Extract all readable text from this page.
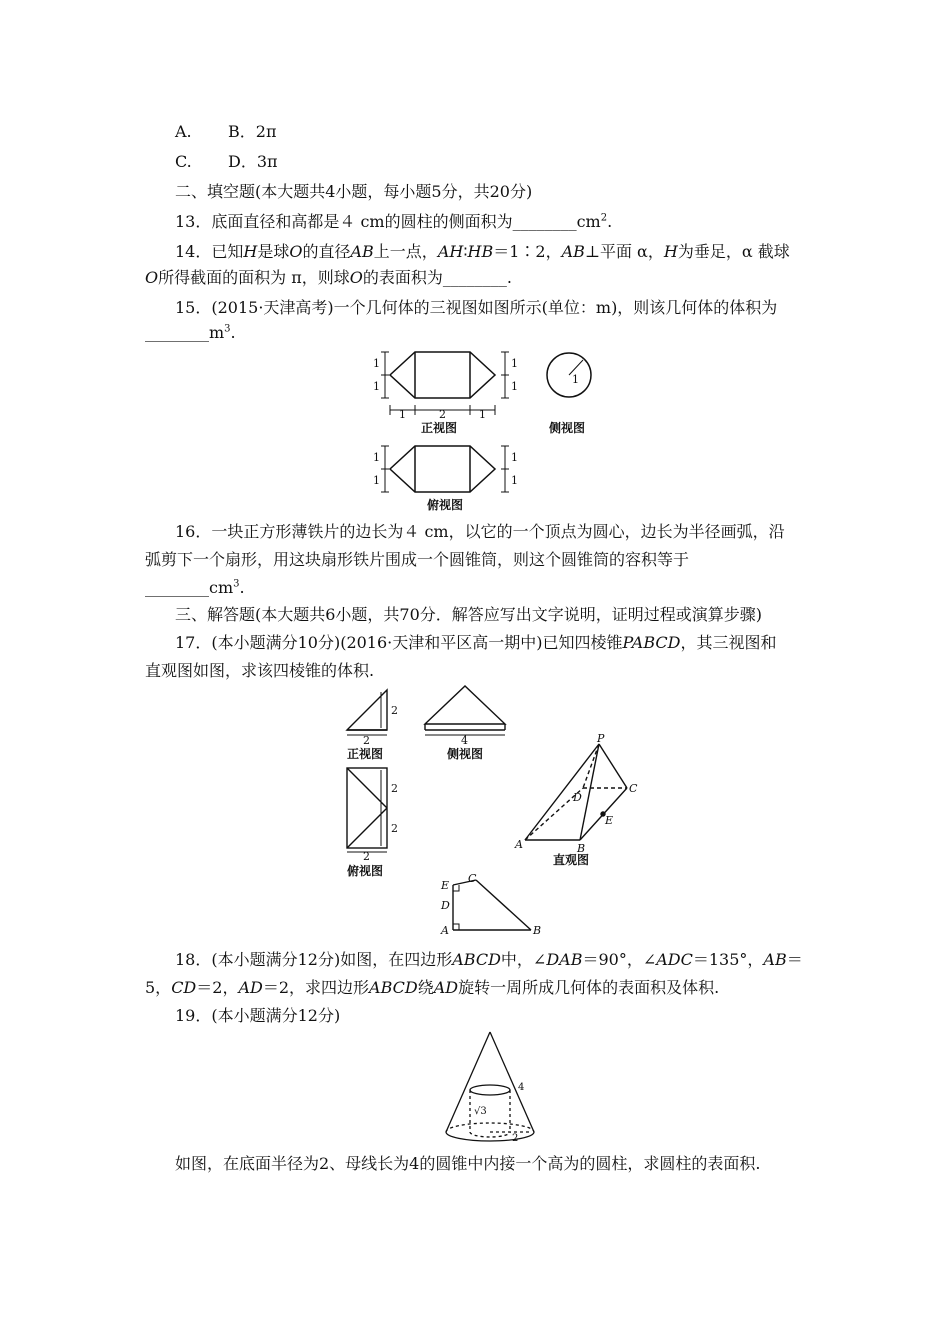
A. B．2π
C. D．3π
二、填空题(本大题共4小题，每小题5分，共20分)
13．底面直径和高都是４ cm的圆柱的侧面积为$\_\_\_\_\_\_\_\_cm^2$.
14．已知H是球O的直径AB上一点，AH∶HB＝1∶2，AB⊥平面 α，H为垂足，α 截球
O所得截面的面积为 π，则球O的表面积为________.
15．(2015·天津高考)一个几何体的三视图如图所示(单位：m)，则该几何体的体积为
$\_\_\_\_\_\_\_\_m^3$.
1
1
1
1
1	2	1
正视图
1
侧视图
1
1
1
1
俯视图
16．一块正方形薄铁片的边长为４ cm，以它的一个顶点为圆心，边长为半径画弧，沿
弧剪下一个扇形，用这块扇形铁片围成一个圆锥筒，则这个圆锥筒的容积等于
$\_\_\_\_\_\_\_\_cm^3$.
三、解答题(本大题共6小题，共70分．解答应写出文字说明，证明过程或演算步骤)
17．(本小题满分10分)(2016·天津和平区高一期中)已知四棱锥PABCD，其三视图和
直观图如图，求该四棱锥的体积.
2
2
正视图
4
侧视图
2
2
2
俯视图
P
A	B
C
D
E
直观图
E
C
D
A	B
18．(本小题满分12分)如图，在四边形ABCD中，∠DAB＝90°，∠ADC＝135°，AB＝
5，CD＝2，AD＝2，求四边形ABCD绕AD旋转一周所成几何体的表面积及体积.
19．(本小题满分12分)
4
√3
2
如图，在底面半径为2、母线长为4的圆锥中内接一个高为的圆柱，求圆柱的表面积.
